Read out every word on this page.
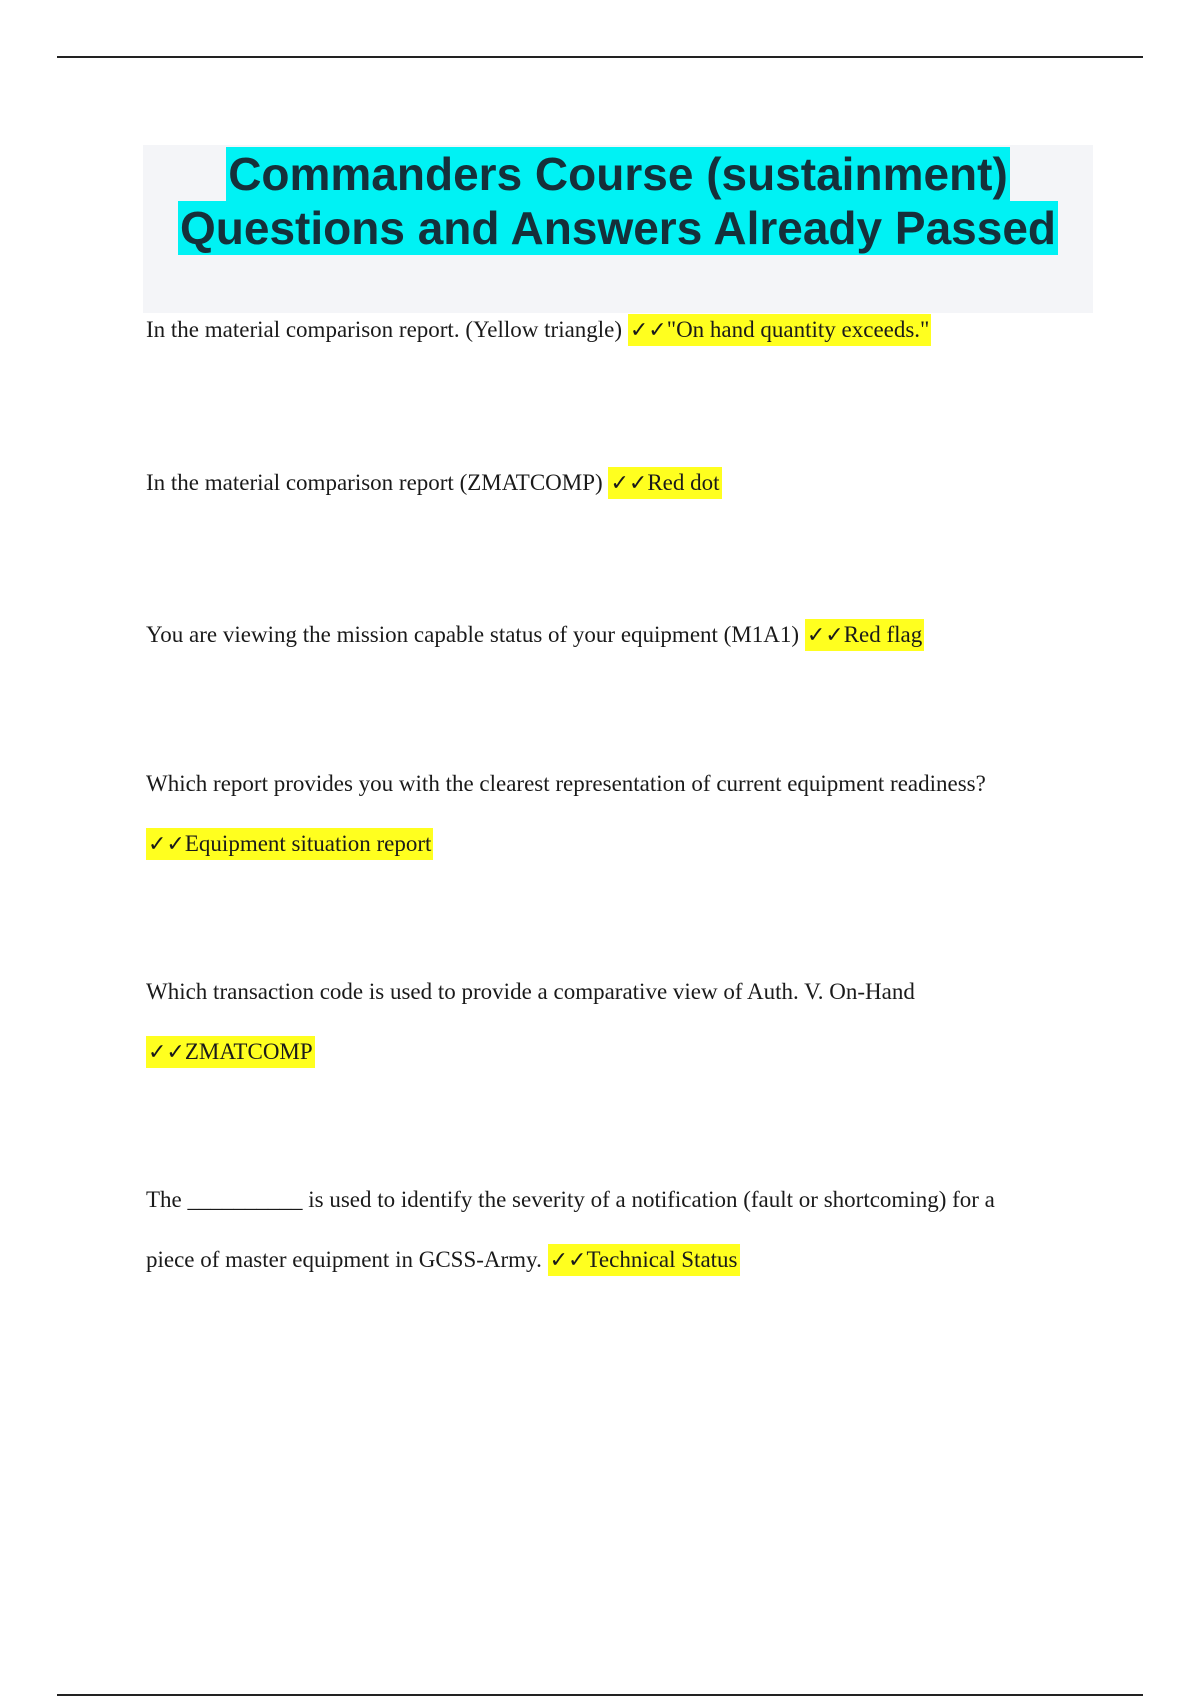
Commanders Course (sustainment)
Questions and Answers Already Passed
In the material comparison report. (Yellow triangle) ✓✓"On hand quantity exceeds."
In the material comparison report (ZMATCOMP) ✓✓Red dot
You are viewing the mission capable status of your equipment (M1A1) ✓✓Red flag
Which report provides you with the clearest representation of current equipment readiness?
✓✓Equipment situation report
Which transaction code is used to provide a comparative view of Auth. V. On-Hand
✓✓ZMATCOMP
The __________ is used to identify the severity of a notification (fault or shortcoming) for a
piece of master equipment in GCSS-Army. ✓✓Technical Status
